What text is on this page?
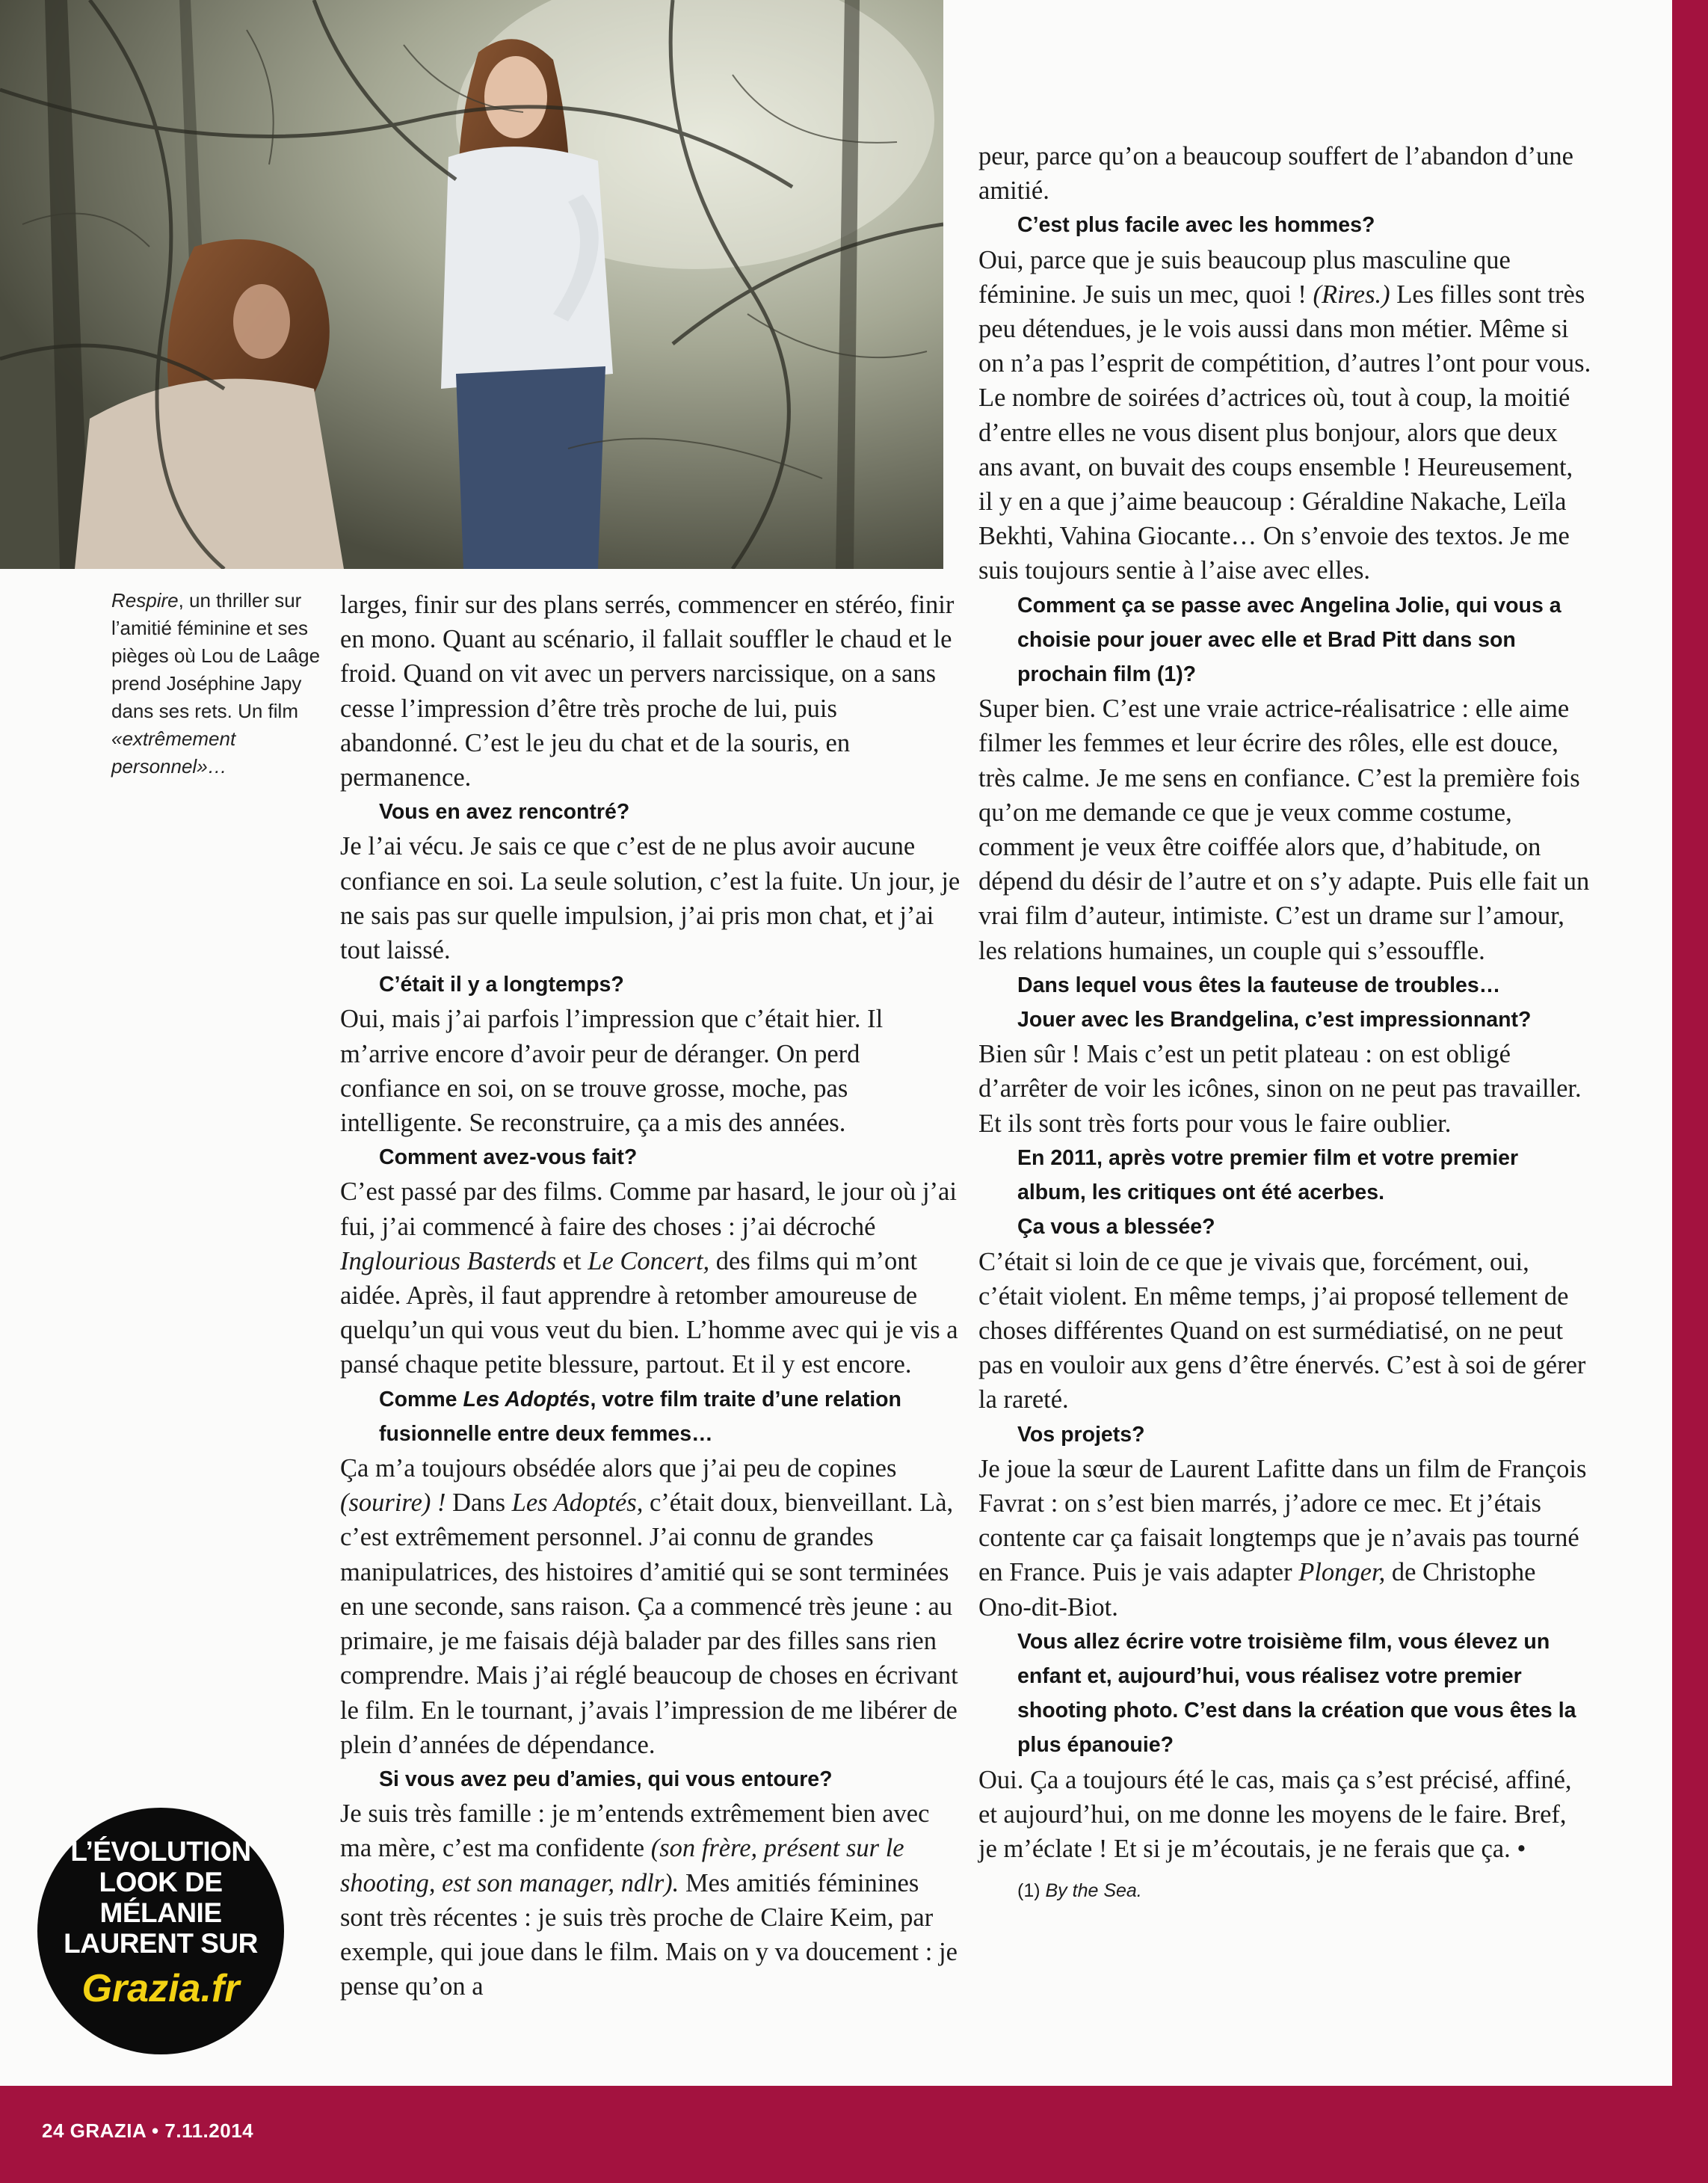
Respire, un thriller sur l’amitié féminine et ses pièges où Lou de Laâge prend Joséphine Japy dans ses rets. Un film «extrêmement personnel»…

larges, finir sur des plans serrés, commencer en stéréo, finir en mono. Quant au scénario, il fallait souffler le chaud et le froid. Quand on vit avec un pervers narcissique, on a sans cesse l’impression d’être très proche de lui, puis abandonné. C’est le jeu du chat et de la souris, en permanence.

Vous en avez rencontré?

Je l’ai vécu. Je sais ce que c’est de ne plus avoir aucune confiance en soi. La seule solution, c’est la fuite. Un jour, je ne sais pas sur quelle impulsion, j’ai pris mon chat, et j’ai tout laissé.

C’était il y a longtemps?

Oui, mais j’ai parfois l’impression que c’était hier. Il m’arrive encore d’avoir peur de déranger. On perd confiance en soi, on se trouve grosse, moche, pas intelligente. Se reconstruire, ça a mis des années.

Comment avez-vous fait?

C’est passé par des films. Comme par hasard, le jour où j’ai fui, j’ai commencé à faire des choses : j’ai décroché Inglourious Basterds et Le Concert, des films qui m’ont aidée. Après, il faut apprendre à retomber amoureuse de quelqu’un qui vous veut du bien. L’homme avec qui je vis a pansé chaque petite blessure, partout. Et il y est encore.

Comme Les Adoptés, votre film traite d’une relation fusionnelle entre deux femmes…

Ça m’a toujours obsédée alors que j’ai peu de copines (sourire) ! Dans Les Adoptés, c’était doux, bienveillant. Là, c’est extrêmement personnel. J’ai connu de grandes manipulatrices, des histoires d’amitié qui se sont terminées en une seconde, sans raison. Ça a commencé très jeune : au primaire, je me faisais déjà balader par des filles sans rien comprendre. Mais j’ai réglé beaucoup de choses en écrivant le film. En le tournant, j’avais l’impression de me libérer de plein d’années de dépendance.

Si vous avez peu d’amies, qui vous entoure?

Je suis très famille : je m’entends extrêmement bien avec ma mère, c’est ma confidente (son frère, présent sur le shooting, est son manager, ndlr). Mes amitiés féminines sont très récentes : je suis très proche de Claire Keim, par exemple, qui joue dans le film. Mais on y va doucement : je pense qu’on a

peur, parce qu’on a beaucoup souffert de l’abandon d’une amitié.

C’est plus facile avec les hommes?

Oui, parce que je suis beaucoup plus masculine que féminine. Je suis un mec, quoi ! (Rires.) Les filles sont très peu détendues, je le vois aussi dans mon métier. Même si on n’a pas l’esprit de compétition, d’autres l’ont pour vous. Le nombre de soirées d’actrices où, tout à coup, la moitié d’entre elles ne vous disent plus bonjour, alors que deux ans avant, on buvait des coups ensemble ! Heureusement, il y en a que j’aime beaucoup : Géraldine Nakache, Leïla Bekhti, Vahina Giocante… On s’envoie des textos. Je me suis toujours sentie à l’aise avec elles.

Comment ça se passe avec Angelina Jolie, qui vous a choisie pour jouer avec elle et Brad Pitt dans son prochain film (1)?

Super bien. C’est une vraie actrice-réalisatrice : elle aime filmer les femmes et leur écrire des rôles, elle est douce, très calme. Je me sens en confiance. C’est la première fois qu’on me demande ce que je veux comme costume, comment je veux être coiffée alors que, d’habitude, on dépend du désir de l’autre et on s’y adapte. Puis elle fait un vrai film d’auteur, intimiste. C’est un drame sur l’amour, les relations humaines, un couple qui s’essouffle.

Dans lequel vous êtes la fauteuse de troubles…

Jouer avec les Brandgelina, c’est impressionnant?

Bien sûr ! Mais c’est un petit plateau : on est obligé d’arrêter de voir les icônes, sinon on ne peut pas travailler. Et ils sont très forts pour vous le faire oublier.

En 2011, après votre premier film et votre premier album, les critiques ont été acerbes.

Ça vous a blessée?

C’était si loin de ce que je vivais que, forcément, oui, c’était violent. En même temps, j’ai proposé tellement de choses différentes Quand on est surmédiatisé, on ne peut pas en vouloir aux gens d’être énervés. C’est à soi de gérer la rareté.

Vos projets?

Je joue la sœur de Laurent Lafitte dans un film de François Favrat : on s’est bien marrés, j’adore ce mec. Et j’étais contente car ça faisait longtemps que je n’avais pas tourné en France. Puis je vais adapter Plonger, de Christophe Ono-dit-Biot.

Vous allez écrire votre troisième film, vous élevez un enfant et, aujourd’hui, vous réalisez votre premier shooting photo. C’est dans la création que vous êtes la plus épanouie?

Oui. Ça a toujours été le cas, mais ça s’est précisé, affiné, et aujourd’hui, on me donne les moyens de le faire. Bref, je m’éclate ! Et si je m’écoutais, je ne ferais que ça. •

(1) By the Sea.

L’ÉVOLUTION
LOOK DE
MÉLANIE
LAURENT SUR
Grazia.fr
24 GRAZIA • 7.11.2014
